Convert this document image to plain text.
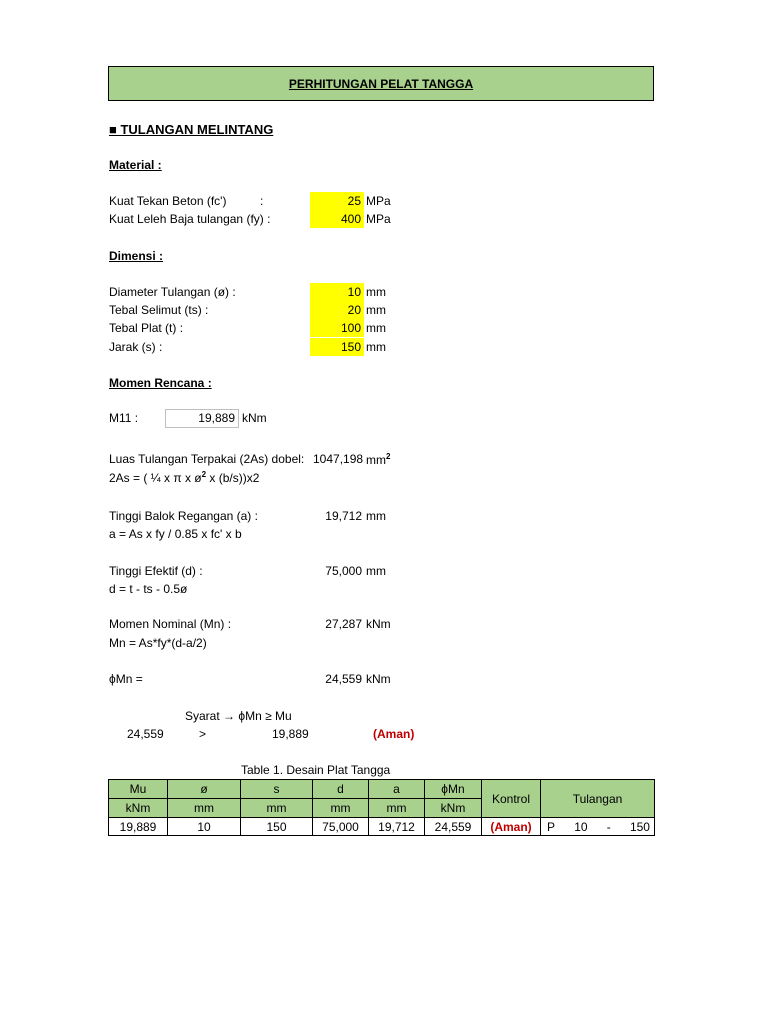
PERHITUNGAN PELAT TANGGA
■ TULANGAN MELINTANG
Material :
Kuat Tekan Beton (fc')	:	25 MPa
Kuat Leleh Baja tulangan (fy) :	400 MPa
Dimensi :
Diameter Tulangan (ø) :	10 mm
Tebal Selimut (ts) :	20 mm
Tebal Plat (t) :	100 mm
Jarak (s) :	150 mm
Momen Rencana :
M11 :	19,889 kNm
Luas Tulangan Terpakai (2As) dobel: 1047,198 $mm^2$
2As = ( ¼ x π x $ø^2$ x (b/s))x2
Tinggi Balok Regangan (a) :	19,712 mm
a = As x fy / 0.85 x fc' x b
Tinggi Efektif (d) :	75,000 mm
d = t - ts - 0.5ø
Momen Nominal (Mn) :	27,287 kNm
Mn = As*fy*(d-a/2)
ϕMn =	24,559 kNm
Syarat → ϕMn ≥ Mu
24,559	>	19,889	(Aman)
Table 1. Desain Plat Tangga
Mu	ø	s	d	a	ϕMn	Kontrol	Tulangan
kNm	mm	mm	mm	mm	kNm		
19,889	10	150	75,000	19,712	24,559	(Aman)	P 10 - 150
